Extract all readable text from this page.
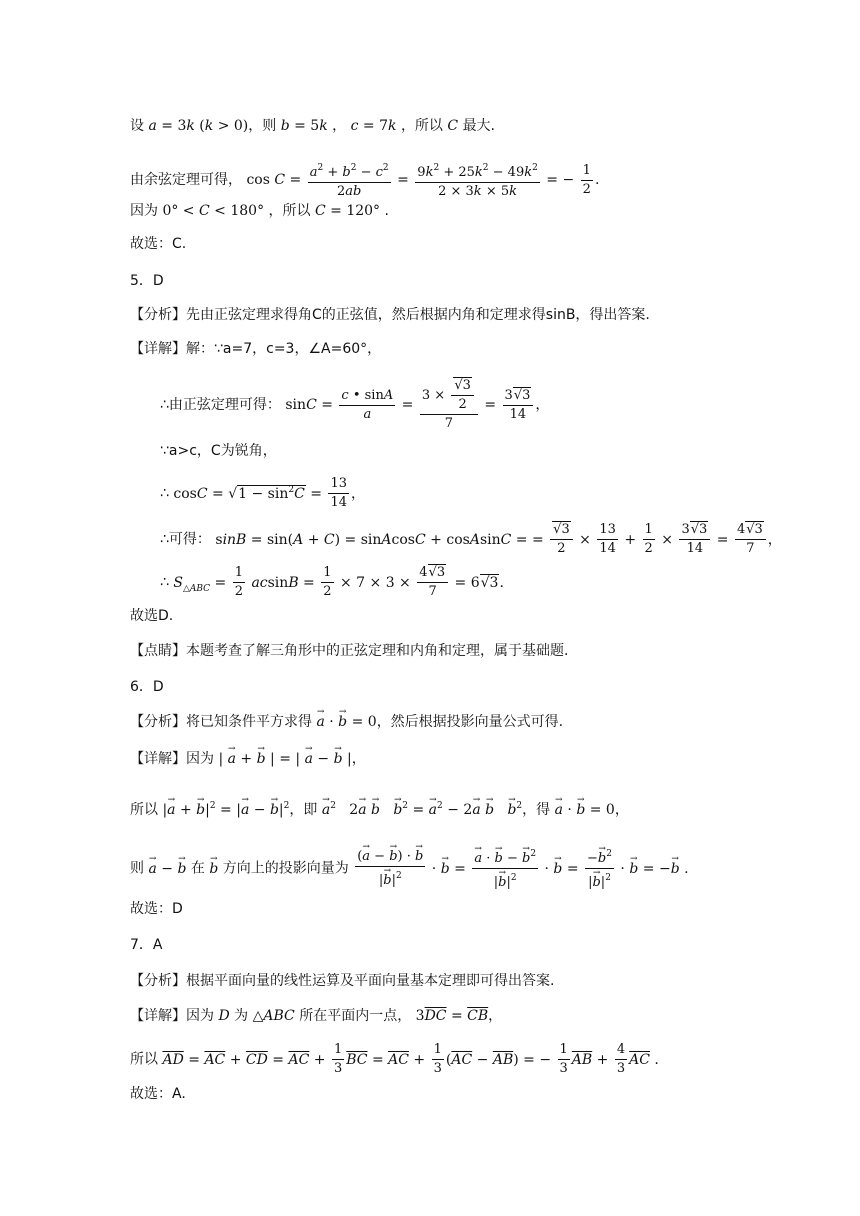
设 a = 3k (k > 0)，则 b = 5k ， c = 7k ，所以 C 最大.
由余弦定理可得， $\cos C = \frac{a^2 + b^2 - c^2}{2ab} = \frac{9k^2 + 25k^2 - 49k^2}{2 \times 3k \times 5k}$ = − $\frac{1}{2}$ .
因为 0° < C < 180° ，所以 C = 120° .
故选：C.
5．D
【分析】先由正弦定理求得角C的正弦值，然后根据内角和定理求得sinB，得出答案.
【详解】解：∵a=7，c=3，∠A=60°，
∴由正弦定理可得： $\sin C = \frac{c • \sin A}{a} = \frac{3 \times \frac{√3}{2}}{7} = \frac{3√3}{14}$ ，
∵a>c，C为锐角，
∴ $\cos C = √1 - \sin^2C = \frac{13}{14}$ ，
∴可得： sinB = sin(A + C) = sinAcosC + cosAsinC = = $\frac{√3}{2} \times \frac{13}{14} + \frac{1}{2} \times \frac{3√3}{14} = \frac{4√3}{7}$ ，
∴ $S_{\triangle ABC} = \frac{1}{2}$ $acsinB = \frac{1}{2} \times 7 \times 3 \times \frac{4√3}{7} = 6√3$.
故选D.
【点睛】本题考查了解三角形中的正弦定理和内角和定理，属于基础题.
6．D
【分析】将已知条件平方求得 → a · → b = 0，然后根据投影向量公式可得.
【详解】因为 | → a + → b | = | → a − → b |，
所以 |→ a + → $b|^2$ = |→ a − → $b|^2$，即 → $a^2$   $2\to a \to b \to b^2$ = → $a^2 - 2\to a \to b \to b^2$，得 → a · → b = 0，
则 → a − → b 在 → b 方向上的投影向量为 $\frac{(\to a - \to b) \cdot \to b}{|\to b|^2}$ · → b = → $\frac{a \cdot \to b - \to b^2}{|\to b|^2}$ · → $b = \frac{-\to b^2}{|\to b|^2}$ · → b = −→ b .
故选：D
7．A
【分析】根据平面向量的线性运算及平面向量基本定理即可得出答案.
【详解】因为 D 为 △ABC 所在平面内一点， $3\overline{DC} = \overline{CB}$，
所以 $\overline{AD} = \overline{AC} + \overline{CD} = \overline{AC} + \frac{1}{3} \overline{BC} = \overline{AC} + \frac{1}{3} (\overline{AC} - \overline{AB})$ = − $\frac{1}{3} \overline{AB} + \frac{4}{3} \overline{AC}$ .
故选：A.
